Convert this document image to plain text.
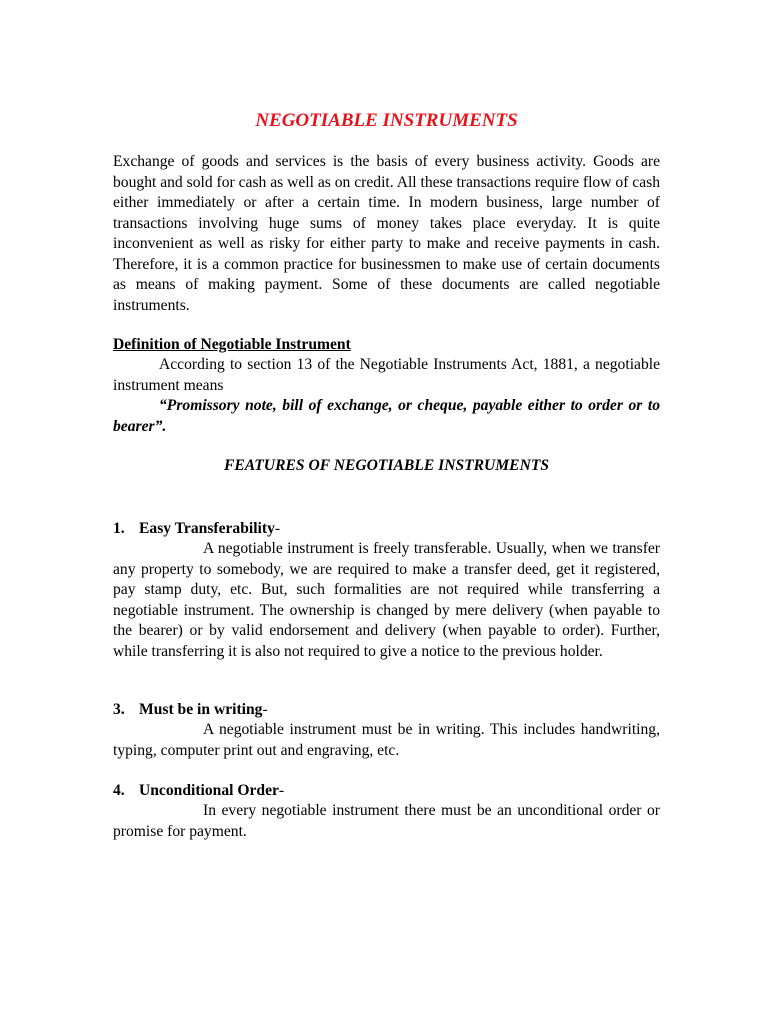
NEGOTIABLE INSTRUMENTS

Exchange of goods and services is the basis of every business activity. Goods are bought and sold for cash as well as on credit. All these transactions require flow of cash either immediately or after a certain time. In modern business, large number of transactions involving huge sums of money takes place everyday. It is quite inconvenient as well as risky for either party to make and receive payments in cash. Therefore, it is a common practice for businessmen to make use of certain documents as means of making payment. Some of these documents are called negotiable instruments.

Definition of Negotiable Instrument

According to section 13 of the Negotiable Instruments Act, 1881, a negotiable instrument means

“Promissory note, bill of exchange, or cheque, payable either to order or to bearer”.

FEATURES OF NEGOTIABLE INSTRUMENTS

1. Easy Transferability-

A negotiable instrument is freely transferable. Usually, when we transfer any property to somebody, we are required to make a transfer deed, get it registered, pay stamp duty, etc. But, such formalities are not required while transferring a negotiable instrument. The ownership is changed by mere delivery (when payable to the bearer) or by valid endorsement and delivery (when payable to order). Further, while transferring it is also not required to give a notice to the previous holder.

3. Must be in writing-

A negotiable instrument must be in writing. This includes handwriting, typing, computer print out and engraving, etc.

4. Unconditional Order-

In every negotiable instrument there must be an unconditional order or promise for payment.
